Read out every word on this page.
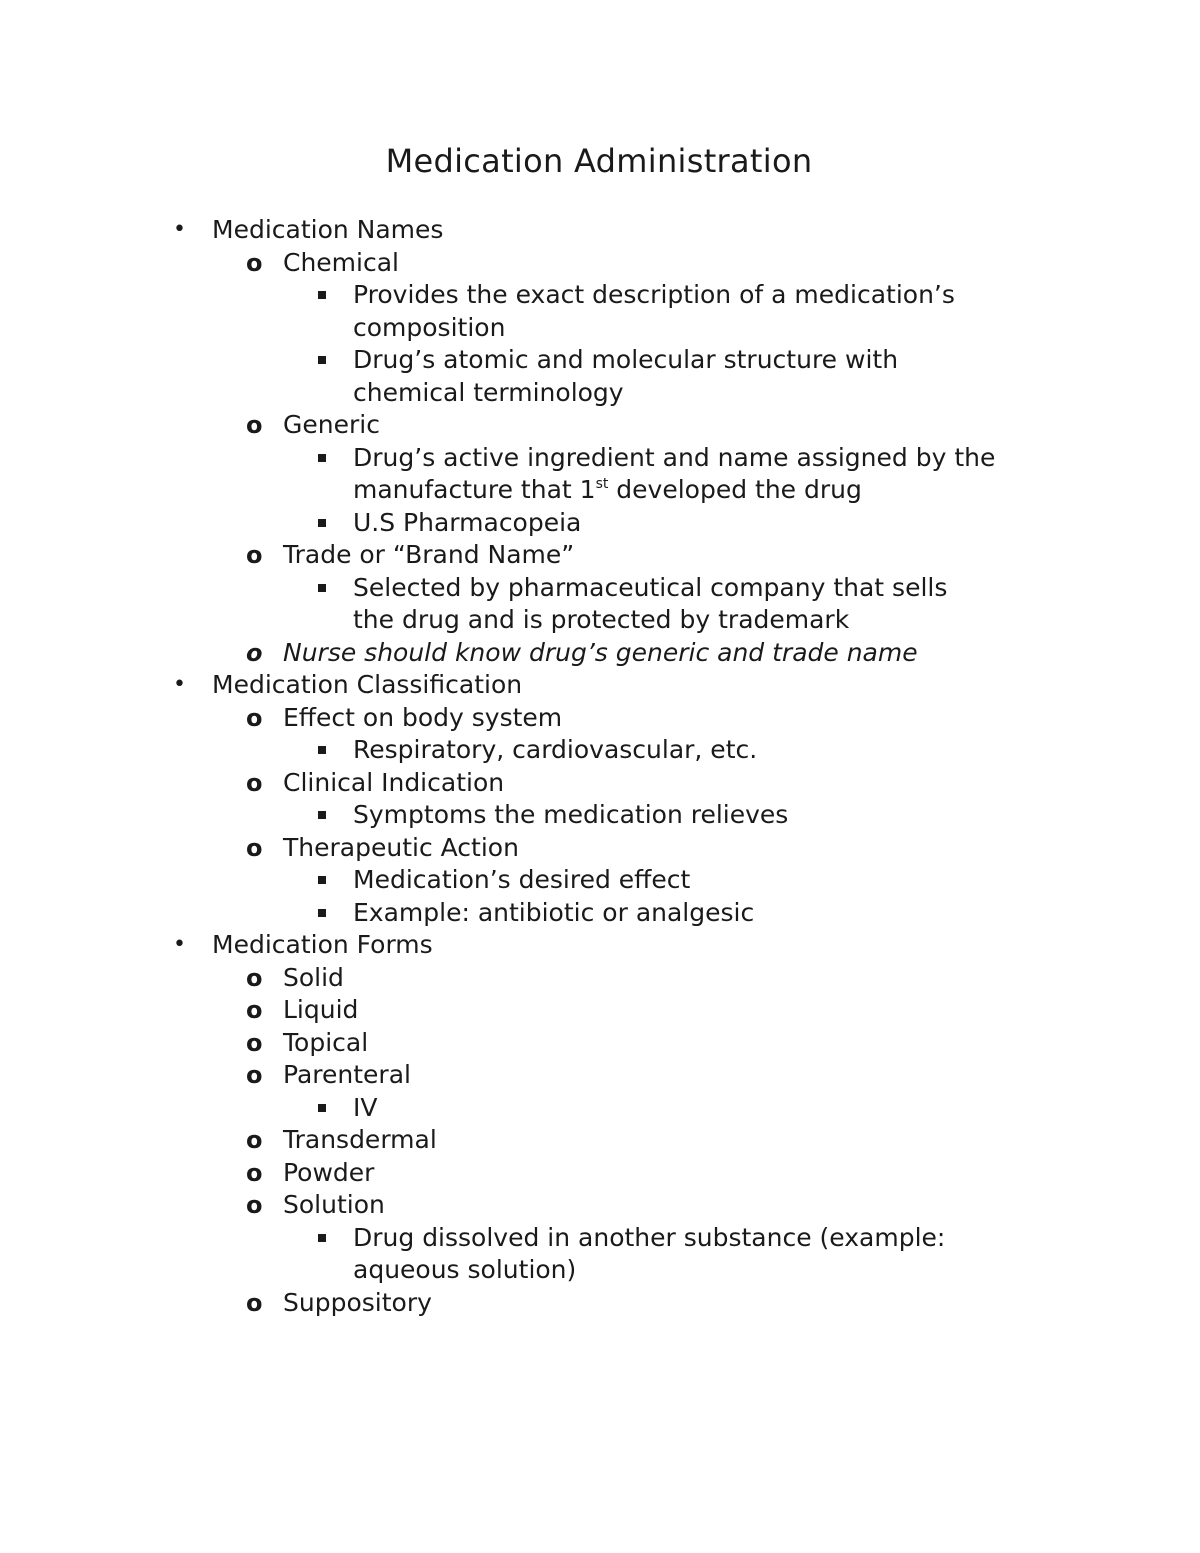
Medication Administration
• Medication Names
o Chemical
Provides the exact description of a medication’s
composition
Drug’s atomic and molecular structure with
chemical terminology
o Generic
Drug’s active ingredient and name assigned by the
manufacture that 1st developed the drug
U.S Pharmacopeia
o Trade or “Brand Name”
Selected by pharmaceutical company that sells
the drug and is protected by trademark
o Nurse should know drug’s generic and trade name
• Medication Classification
o Effect on body system
Respiratory, cardiovascular, etc.
o Clinical Indication
Symptoms the medication relieves
o Therapeutic Action
Medication’s desired effect
Example: antibiotic or analgesic
• Medication Forms
o Solid
o Liquid
o Topical
o Parenteral
IV
o Transdermal
o Powder
o Solution
Drug dissolved in another substance (example:
aqueous solution)
o Suppository
